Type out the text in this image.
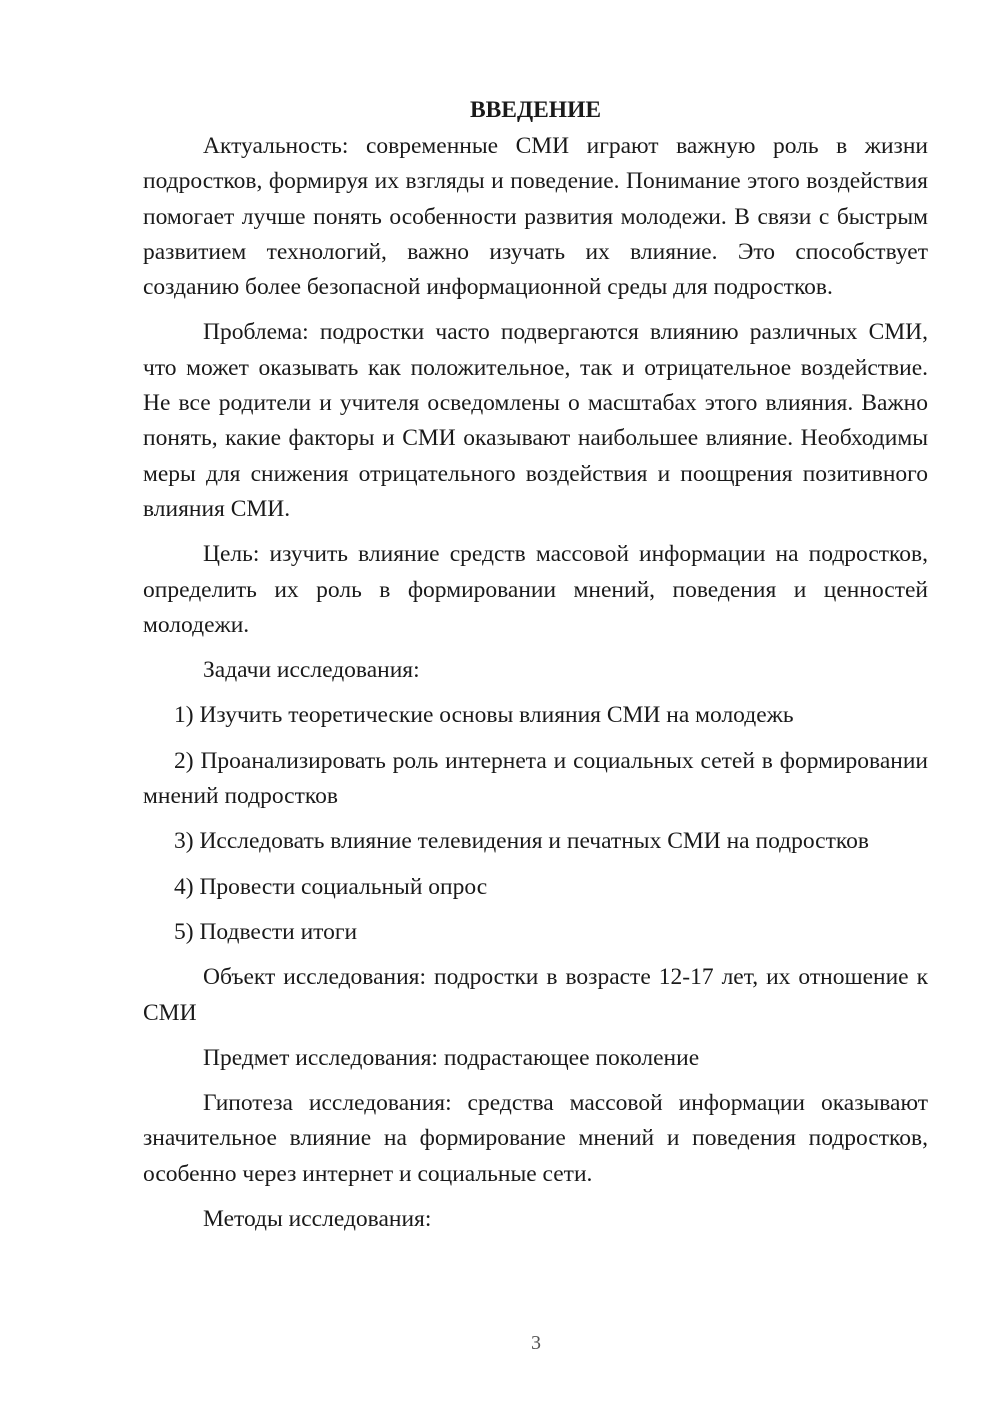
ВВЕДЕНИЕ

Актуальность: современные СМИ играют важную роль в жизни подростков, формируя их взгляды и поведение. Понимание этого воздействия помогает лучше понять особенности развития молодежи. В связи с быстрым развитием технологий, важно изучать их влияние. Это способствует созданию более безопасной информационной среды для подростков.

Проблема: подростки часто подвергаются влиянию различных СМИ, что может оказывать как положительное, так и отрицательное воздействие. Не все родители и учителя осведомлены о масштабах этого влияния. Важно понять, какие факторы и СМИ оказывают наибольшее влияние. Необходимы меры для снижения отрицательного воздействия и поощрения позитивного влияния СМИ.

Цель: изучить влияние средств массовой информации на подростков, определить их роль в формировании мнений, поведения и ценностей молодежи.

Задачи исследования:

1) Изучить теоретические основы влияния СМИ на молодежь

2) Проанализировать роль интернета и социальных сетей в формировании мнений подростков

3) Исследовать влияние телевидения и печатных СМИ на подростков

4) Провести социальный опрос

5) Подвести итоги

Объект исследования: подростки в возрасте 12-17 лет, их отношение к СМИ

Предмет исследования: подрастающее поколение

Гипотеза исследования: средства массовой информации оказывают значительное влияние на формирование мнений и поведения подростков, особенно через интернет и социальные сети.

Методы исследования:

3
